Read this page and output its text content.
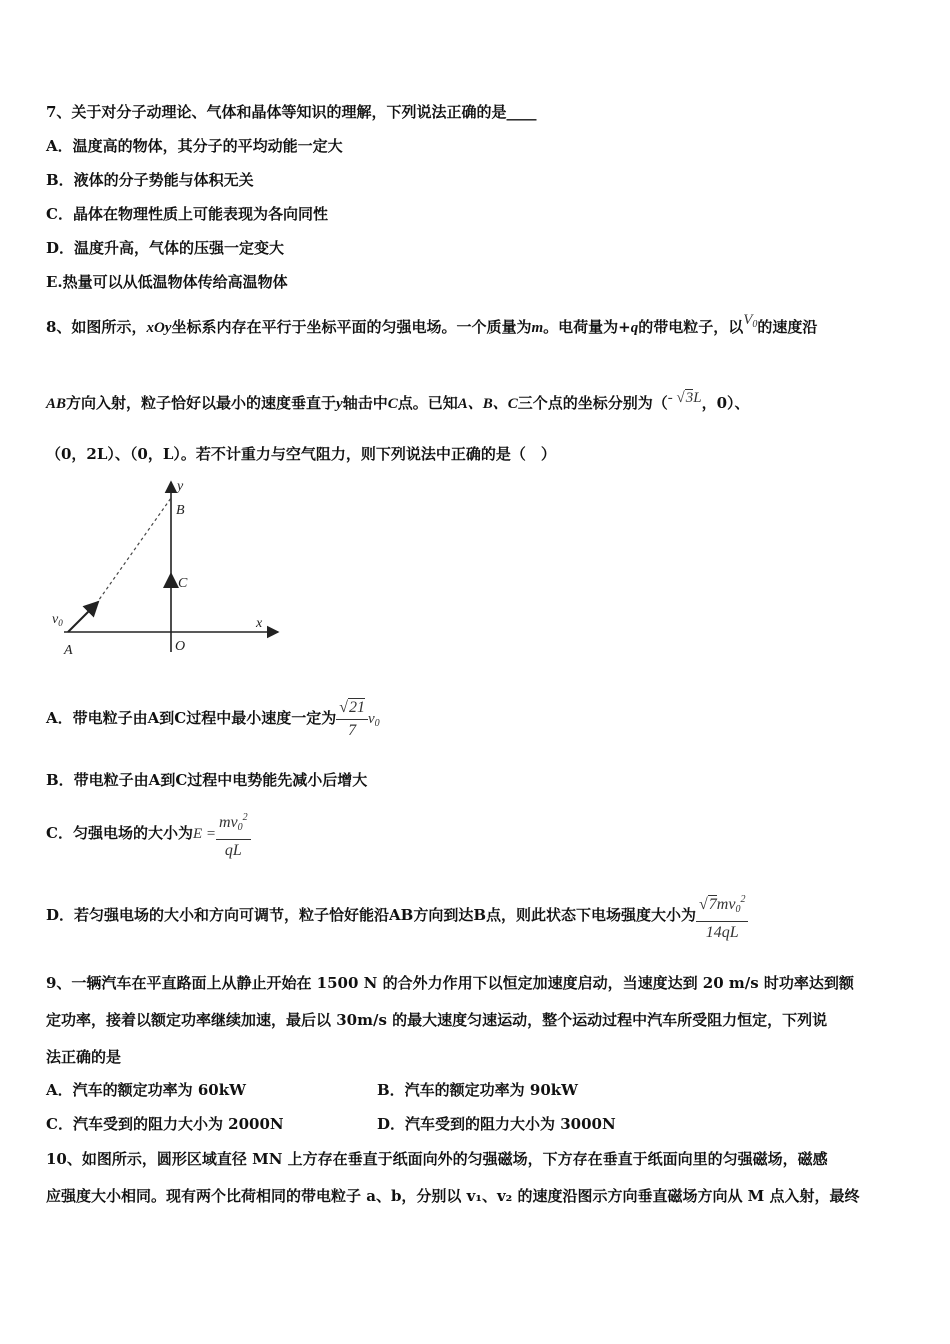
7、关于对分子动理论、气体和晶体等知识的理解，下列说法正确的是____
A．温度高的物体，其分子的平均动能一定大
B．液体的分子势能与体积无关
C．晶体在物理性质上可能表现为各向同性
D．温度升高，气体的压强一定变大
E.热量可以从低温物体传给高温物体
8、如图所示，xOy坐标系内存在平行于坐标平面的匀强电场。一个质量为m。电荷量为+q的带电粒子，以$V_0$的速度沿
AB方向入射，粒子恰好以最小的速度垂直于y轴击中C点。已知A、B、C三个点的坐标分别为（- √3L，0）、
（0，2L）、（0，L）。若不计重力与空气阻力，则下列说法中正确的是（　）
y
B
C
x
$v_0$
A	O
A．带电粒子由A到C过程中最小速度一定为 $\frac{√21}{7} v_0$
B．带电粒子由A到C过程中电势能先减小后增大
C．匀强电场的大小为$E = \frac{mv_0^2}{qL}$
D．若匀强电场的大小和方向可调节，粒子恰好能沿AB方向到达B点，则此状态下电场强度大小为 $\frac{√7mv_0^2}{14qL}$
9、一辆汽车在平直路面上从静止开始在 1500 N 的合外力作用下以恒定加速度启动，当速度达到 20 m/s 时功率达到额
定功率，接着以额定功率继续加速，最后以 30m/s 的最大速度匀速运动，整个运动过程中汽车所受阻力恒定，下列说
法正确的是
A．汽车的额定功率为 60kW	B．汽车的额定功率为 90kW
C．汽车受到的阻力大小为 2000N	D．汽车受到的阻力大小为 3000N
10、如图所示，圆形区域直径 MN 上方存在垂直于纸面向外的匀强磁场，下方存在垂直于纸面向里的匀强磁场，磁感
应强度大小相同。现有两个比荷相同的带电粒子 a、b，分别以 v₁、v₂ 的速度沿图示方向垂直磁场方向从 M 点入射，最终
